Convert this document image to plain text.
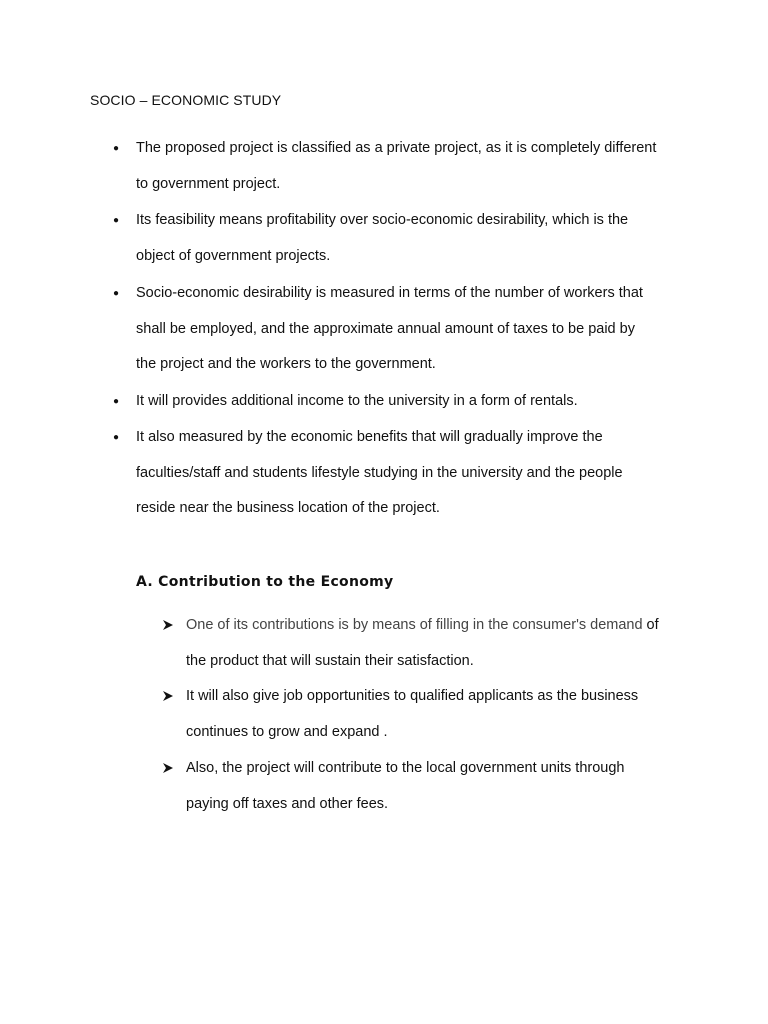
SOCIO – ECONOMIC STUDY
● The proposed project is classified as a private project, as it is completely different
to government project.
● Its feasibility means profitability over socio-economic desirability, which is the
object of government projects.
● Socio-economic desirability is measured in terms of the number of workers that
shall be employed, and the approximate annual amount of taxes to be paid by
the project and the workers to the government.
● It will provides additional income to the university in a form of rentals.
● It also measured by the economic benefits that will gradually improve the
faculties/staff and students lifestyle studying in the university and the people
reside near the business location of the project.
A. Contribution to the Economy
One of its contributions is by means of filling in the consumer's demand of
the product that will sustain their satisfaction.
It will also give job opportunities to qualified applicants as the business
continues to grow and expand .
Also, the project will contribute to the local government units through
paying off taxes and other fees.
